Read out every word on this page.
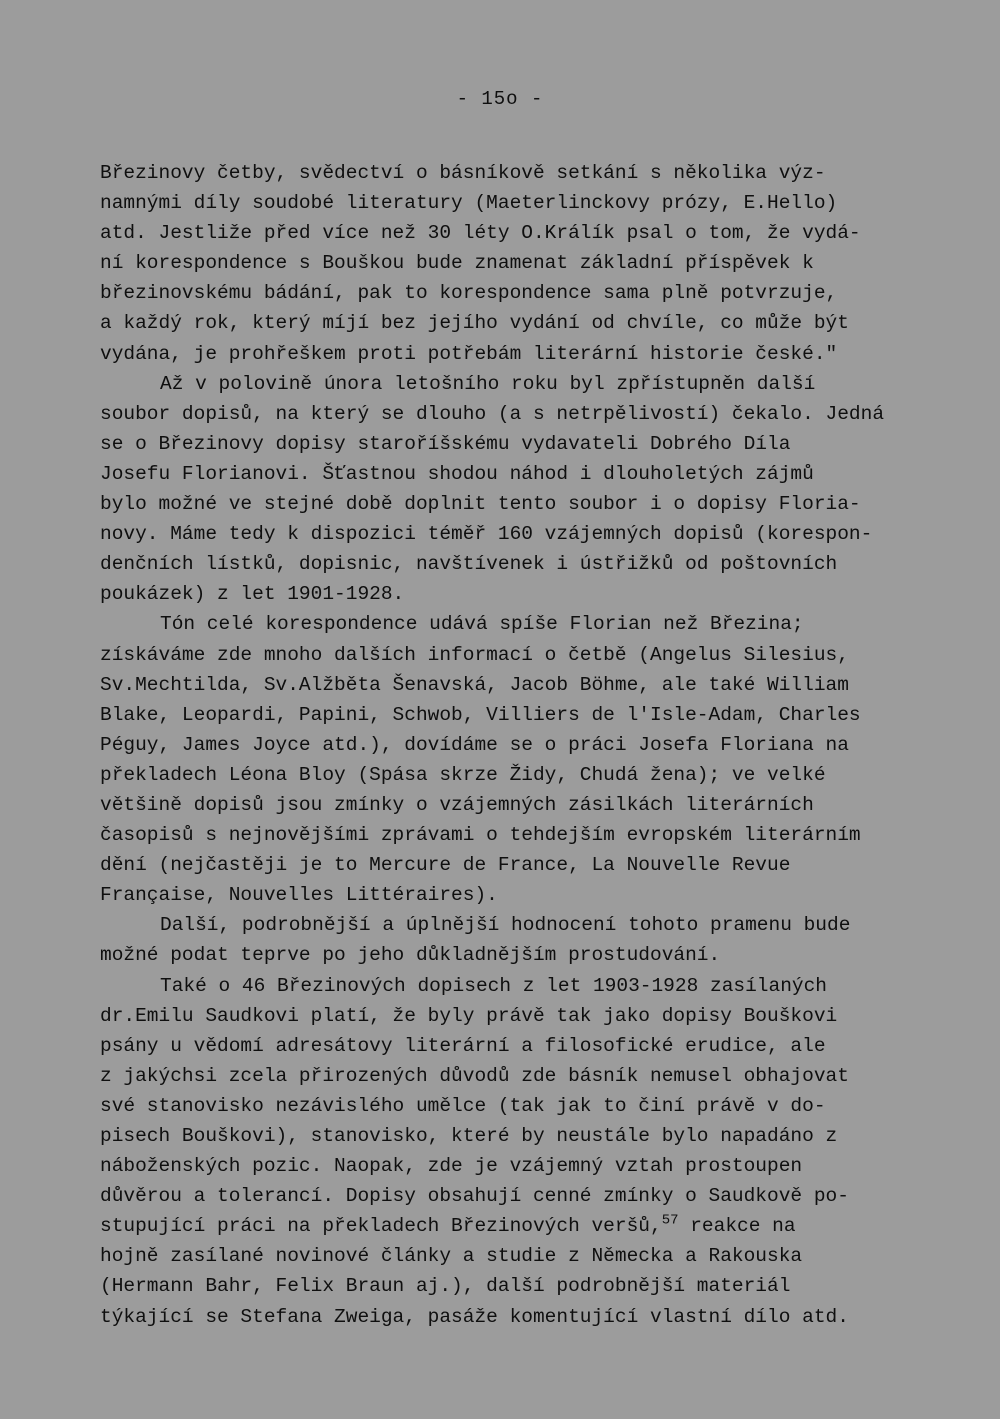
- 15o -
Březinovy četby, svědectví o básníkově setkání s několika výz-
namnými díly soudobé literatury (Maeterlinckovy prózy, E.Hello)
atd. Jestliže před více než 30 léty O.Králík psal o tom, že vydá-
ní korespondence s Bouškou bude znamenat základní příspěvek k
březinovskému bádání, pak to korespondence sama plně potvrzuje,
a každý rok, který míjí bez jejího vydání od chvíle, co může být
vydána, je prohřeškem proti potřebám literární historie české."
Až v polovině února letošního roku byl zpřístupněn další
soubor dopisů, na který se dlouho (a s netrpělivostí) čekalo. Jedná
se o Březinovy dopisy staroříšskému vydavateli Dobrého Díla
Josefu Florianovi. Šťastnou shodou náhod i dlouholetých zájmů
bylo možné ve stejné době doplnit tento soubor i o dopisy Floria-
novy. Máme tedy k dispozici téměř 160 vzájemných dopisů (korespon-
denčních lístků, dopisnic, navštívenek i ústřižků od poštovních
poukázek) z let 1901-1928.
Tón celé korespondence udává spíše Florian než Březina;
získáváme zde mnoho dalších informací o četbě (Angelus Silesius,
Sv.Mechtilda, Sv.Alžběta Šenavská, Jacob Böhme, ale také William
Blake, Leopardi, Papini, Schwob, Villiers de l'Isle-Adam, Charles
Péguy, James Joyce atd.), dovídáme se o práci Josefa Floriana na
překladech Léona Bloy (Spása skrze Židy, Chudá žena); ve velké
většině dopisů jsou zmínky o vzájemných zásilkách literárních
časopisů s nejnovějšími zprávami o tehdejším evropském literárním
dění (nejčastěji je to Mercure de France, La Nouvelle Revue
Française, Nouvelles Littéraires).
Další, podrobnější a úplnější hodnocení tohoto pramenu bude
možné podat teprve po jeho důkladnějším prostudování.
Také o 46 Březinových dopisech z let 1903-1928 zasílaných
dr.Emilu Saudkovi platí, že byly právě tak jako dopisy Bouškovi
psány u vědomí adresátovy literární a filosofické erudice, ale
z jakýchsi zcela přirozených důvodů zde básník nemusel obhajovat
své stanovisko nezávislého umělce (tak jak to činí právě v do-
pisech Bouškovi), stanovisko, které by neustále bylo napadáno z
náboženských pozic. Naopak, zde je vzájemný vztah prostoupen
důvěrou a tolerancí. Dopisy obsahují cenné zmínky o Saudkově po-
stupující práci na překladech Březinových veršů,$^{57}$ reakce na
hojně zasílané novinové články a studie z Německa a Rakouska
(Hermann Bahr, Felix Braun aj.), další podrobnější materiál
týkající se Stefana Zweiga, pasáže komentující vlastní dílo atd.
